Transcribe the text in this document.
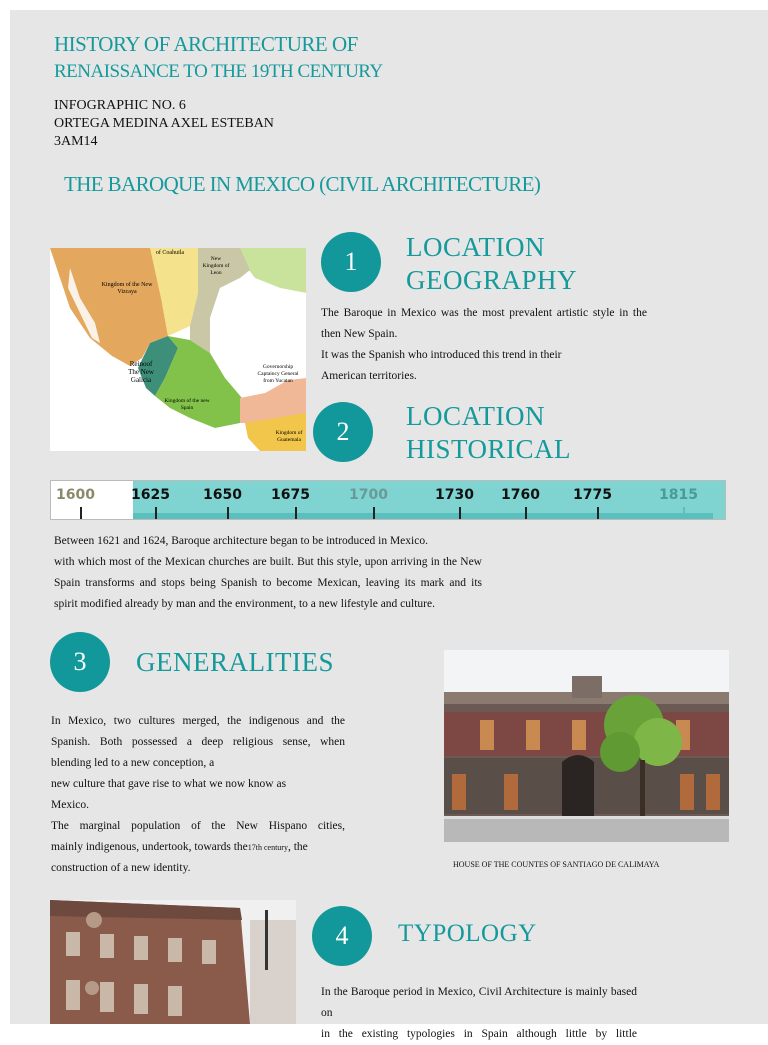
HISTORY OF ARCHITECTURE OF
RENAISSANCE TO THE 19TH CENTURY
INFOGRAPHIC NO. 6
ORTEGA MEDINA AXEL ESTEBAN
3AM14
THE BAROQUE IN MEXICO (CIVIL ARCHITECTURE)
of Coahuila
New Kingdom of Leon
Kingdom of the New Vizcaya
Reinoof The New Galicia
Kingdom of the new Spain
Governorship Captaincy General from Yucatan
Kingdom of Guatemala
1	LOCATION
GEOGRAPHY
The Baroque in Mexico was the most prevalent artistic style in the
then New Spain.
It was the Spanish who introduced this trend in their
American territories.
2
LOCATION
HISTORICAL
1600	1625 1650 1675	1700	1730 1760 1775	1815
Between 1621 and 1624, Baroque architecture began to be introduced in Mexico.
with which most of the Mexican churches are built. But this style, upon arriving in the New
Spain transforms and stops being Spanish to become Mexican, leaving its mark and its
spirit modified already by man and the environment, to a new lifestyle and culture.
3	GENERALITIES
In Mexico, two cultures merged, the indigenous and the
Spanish. Both possessed a deep religious sense, when
blending led to a new conception, a
new culture that gave rise to what we now know as
Mexico.
The marginal population of the New Hispano cities,
mainly indigenous, undertook, towards the17th century, the
construction of a new identity.	HOUSE OF THE COUNTES OF SANTIAGO DE CALIMAYA
4	TYPOLOGY
In the Baroque period in Mexico, Civil Architecture is mainly based on
in the existing typologies in Spain although little by little
